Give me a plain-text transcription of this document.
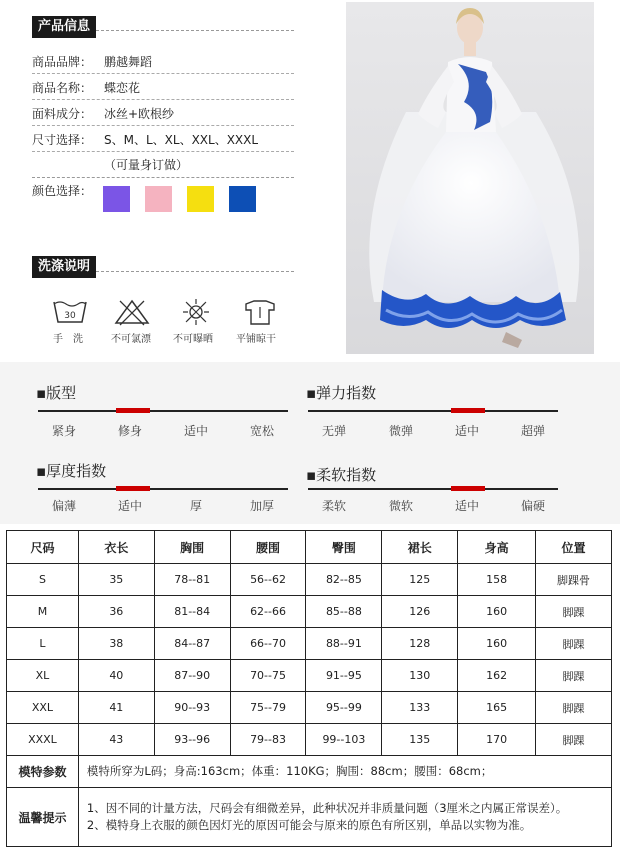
产品信息
商品品牌： 鹏越舞蹈
商品名称： 蝶恋花
面料成分： 冰丝+欧根纱
尺寸选择： S、M、L、XL、XXL、XXXL
（可量身订做）
颜色选择：
洗涤说明
30
手　洗	不可氯漂 不可曝晒 平铺晾干
▪版型
紧身	修身	适中	宽松
▪弹力指数
无弹	微弹	适中	超弹
▪厚度指数
偏薄	适中	厚	加厚
▪柔软指数
柔软	微软	适中	偏硬
尺码	衣长	胸围	腰围	臀围	裙长	身高	位置
S	35	78--81	56--62	82--85	125	158	脚踝骨
M	36	81--84	62--66	85--88	126	160	脚踝
L	38	84--87	66--70	88--91	128	160	脚踝
XL	40	87--90	70--75	91--95	130	162	脚踝
XXL	41	90--93	75--79	95--99	133	165	脚踝
XXXL	43	93--96	79--83	99--103	135	170	脚踝
模特参数	模特所穿为L码；身高:163cm；体重：110KG；胸围：88cm；腰围：68cm；						
温馨提示	1、因不同的计量方法，尺码会有细微差异，此种状况并非质量问题（3厘米之内属正常误差）。
2、模特身上衣服的颜色因灯光的原因可能会与原来的原色有所区别，单品以实物为准。						
